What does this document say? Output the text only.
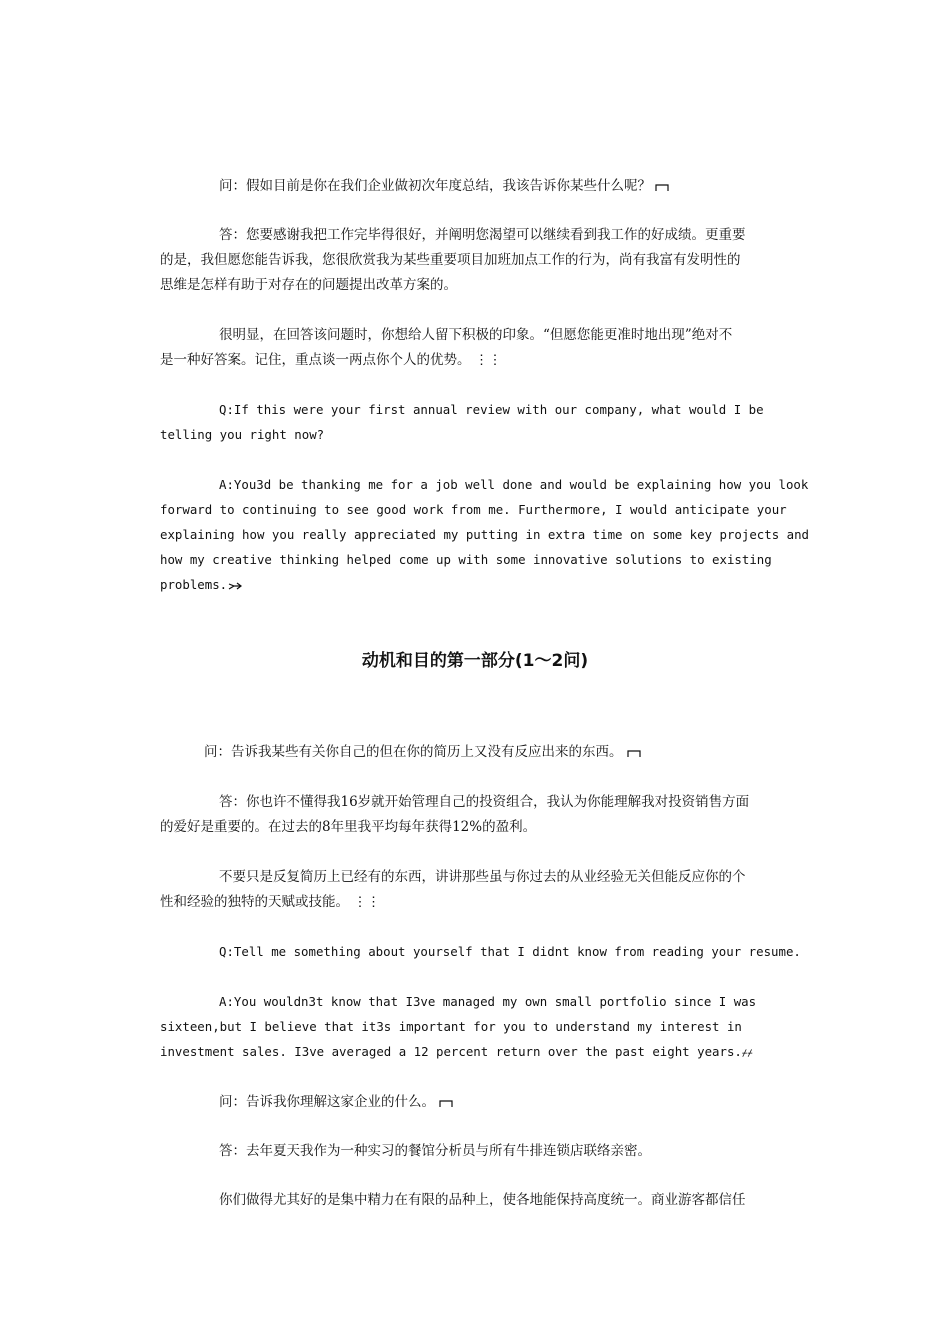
问：假如目前是你在我们企业做初次年度总结，我该告诉你某些什么呢？
答：您要感谢我把工作完毕得很好，并阐明您渴望可以继续看到我工作的好成绩。更重要
的是，我但愿您能告诉我，您很欣赏我为某些重要项目加班加点工作的行为，尚有我富有发明性的
思维是怎样有助于对存在的问题提出改革方案的。
很明显，在回答该问题时，你想给人留下积极的印象。“但愿您能更准时地出现”绝对不
是一种好答案。记住，重点谈一两点你个人的优势。 ⋮⋮
Q:If this were your first annual review with our company, what would I be
telling you right now?
A:You3d be thanking me for a job well done and would be explaining how you look
forward to continuing to see good work from me. Furthermore, I would anticipate your
explaining how you really appreciated my putting in extra time on some key projects and
how my creative thinking helped come up with some innovative solutions to existing
problems.
动机和目的第一部分(1～2问)
问：告诉我某些有关你自己的但在你的简历上又没有反应出来的东西。
答：你也许不懂得我16岁就开始管理自己的投资组合，我认为你能理解我对投资销售方面
的爱好是重要的。在过去的8年里我平均每年获得12%的盈利。
不要只是反复简历上已经有的东西，讲讲那些虽与你过去的从业经验无关但能反应你的个
性和经验的独特的天赋或技能。 ⋮⋮
Q:Tell me something about yourself that I didnt know from reading your resume.
A:You wouldn3t know that I3ve managed my own small portfolio since I was
sixteen,but I believe that it3s important for you to understand my interest in
investment sales. I3ve averaged a 12 percent return over the past eight years.⌿⌿
问：告诉我你理解这家企业的什么。
答：去年夏天我作为一种实习的餐馆分析员与所有牛排连锁店联络亲密。
你们做得尤其好的是集中精力在有限的品种上，使各地能保持高度统一。商业游客都信任
